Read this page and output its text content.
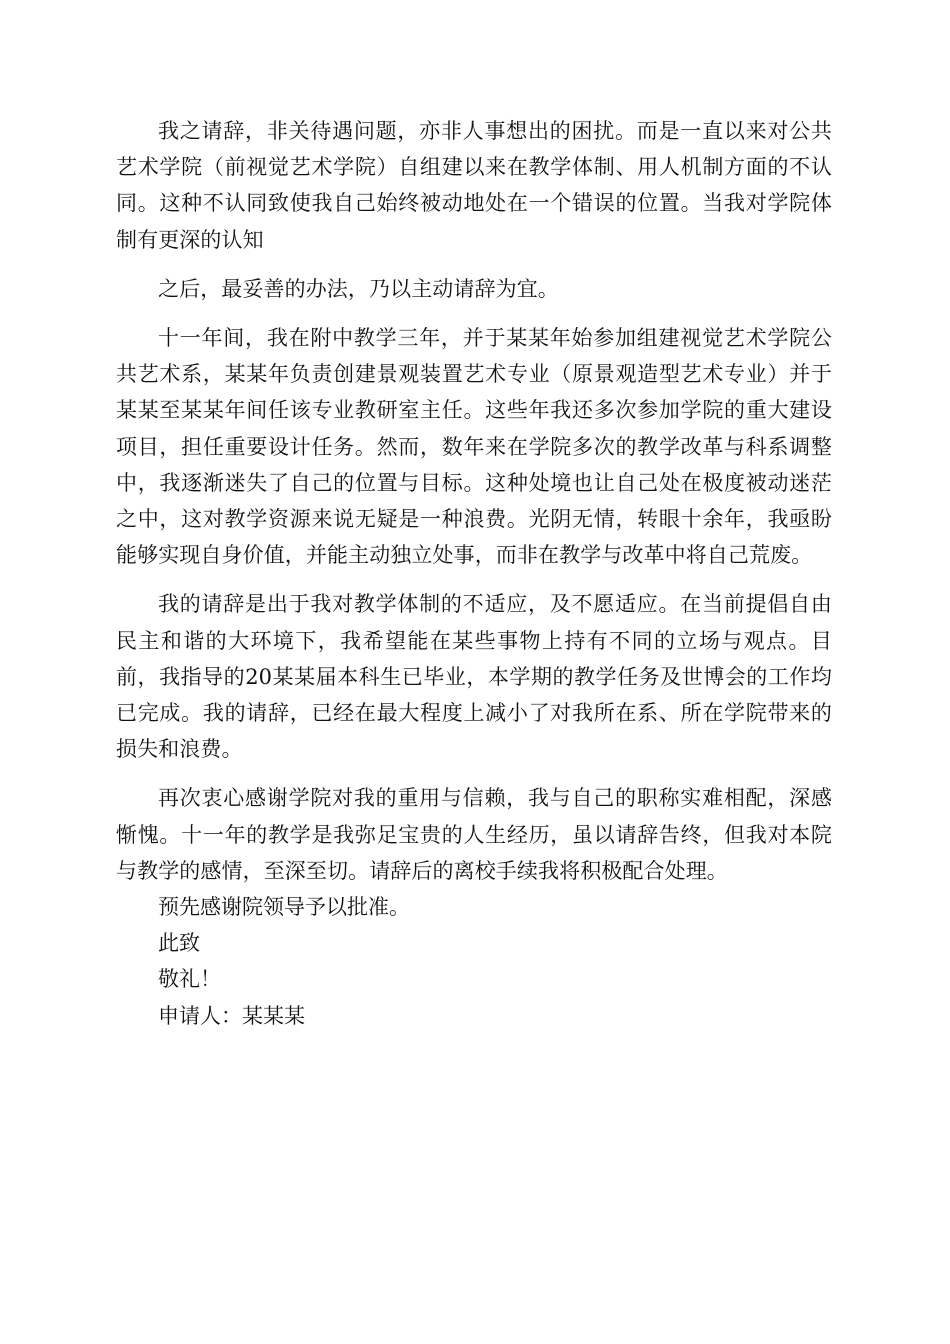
我之请辞，非关待遇问题，亦非人事想出的困扰。而是一直以来对公共艺术学院（前视觉艺术学院）自组建以来在教学体制、用人机制方面的不认同。这种不认同致使我自己始终被动地处在一个错误的位置。当我对学院体制有更深的认知

之后，最妥善的办法，乃以主动请辞为宜。

十一年间，我在附中教学三年，并于某某年始参加组建视觉艺术学院公共艺术系，某某年负责创建景观装置艺术专业（原景观造型艺术专业）并于某某至某某年间任该专业教研室主任。这些年我还多次参加学院的重大建设项目，担任重要设计任务。然而，数年来在学院多次的教学改革与科系调整中，我逐渐迷失了自己的位置与目标。这种处境也让自己处在极度被动迷茫之中，这对教学资源来说无疑是一种浪费。光阴无情，转眼十余年，我亟盼能够实现自身价值，并能主动独立处事，而非在教学与改革中将自己荒废。

我的请辞是出于我对教学体制的不适应，及不愿适应。在当前提倡自由民主和谐的大环境下，我希望能在某些事物上持有不同的立场与观点。目前，我指导的20某某届本科生已毕业，本学期的教学任务及世博会的工作均已完成。我的请辞，已经在最大程度上减小了对我所在系、所在学院带来的损失和浪费。

再次衷心感谢学院对我的重用与信赖，我与自己的职称实难相配，深感惭愧。十一年的教学是我弥足宝贵的人生经历，虽以请辞告终，但我对本院与教学的感情，至深至切。请辞后的离校手续我将积极配合处理。

预先感谢院领导予以批准。

此致

敬礼！

申请人：某某某
